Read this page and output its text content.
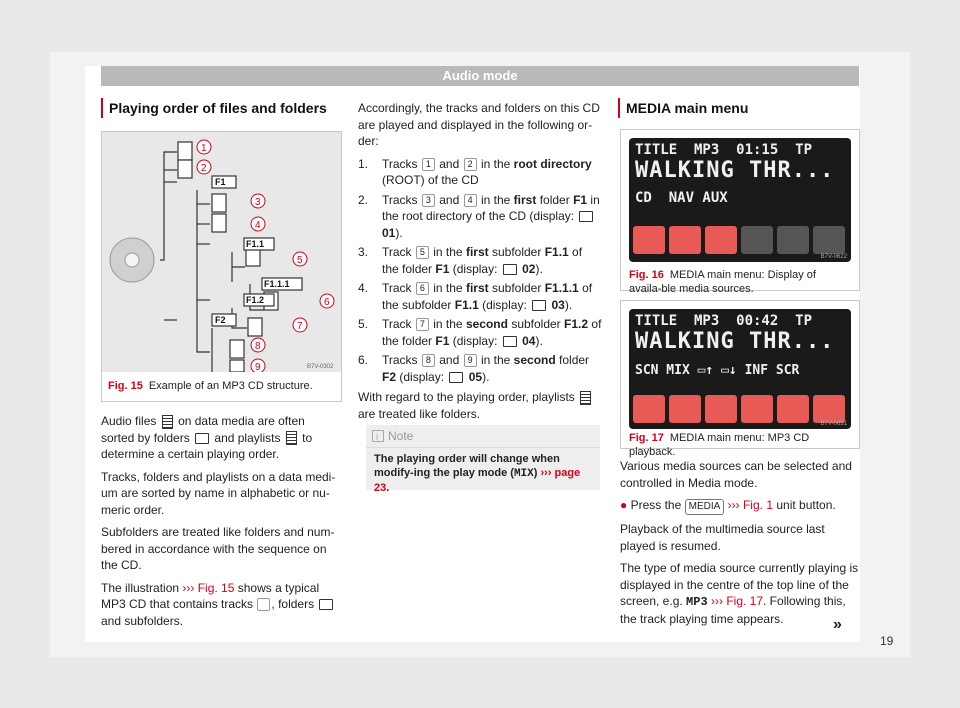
Audio mode
Playing order of files and folders
F1
F1.1
F1.1.1
F1.2
F2
1
2
3
4
5
6
7
8
9	B7V-0302
Fig. 15 Example of an MP3 CD structure.

Audio files on data media are often sorted by folders and playlists to determine a certain playing order.

Tracks, folders and playlists on a data medi-um are sorted by name in alphabetic or nu-meric order.

Subfolders are treated like folders and num-bered in accordance with the sequence on the CD.

The illustration ››› Fig. 15 shows a typical MP3 CD that contains tracks , folders  and subfolders.

Accordingly, the tracks and folders on this CD are played and displayed in the following or-der:

1. Tracks 1 and 2 in the root directory (ROOT) of the CD
2. Tracks 3 and 4 in the first folder F1 in the root directory of the CD (display:  01).
3. Track 5 in the first subfolder F1.1 of the folder F1 (display: 02).
4. Track 6 in the first subfolder F1.1.1 of the subfolder F1.1 (display: 03).
5. Track 7 in the second subfolder F1.2 of the folder F1 (display: 04).
6. Tracks 8 and 9 in the second folder F2 (display: 05).

With regard to the playing order, playlists  are treated like folders.

i Note
The playing order will change when modify-ing the play mode (MIX) ››› page 23.
MEDIA main menu
TITLE  MP3  01:15  TP
WALKING THR...
CD  NAV AUX
B7V-0622
Fig. 16 MEDIA main menu: Display of availa-ble media sources.
TITLE  MP3  00:42  TP
WALKING THR...
SCN MIX ▭↑ ▭↓ INF SCR
B7V-0631
Fig. 17 MEDIA main menu: MP3 CD playback.

Various media sources can be selected and controlled in Media mode.

● Press the MEDIA ››› Fig. 1 unit button.

Playback of the multimedia source last played is resumed.

The type of media source currently playing is displayed in the centre of the top line of the screen, e.g. MP3 ››› Fig. 17. Following this, the track playing time appears.	»
19
